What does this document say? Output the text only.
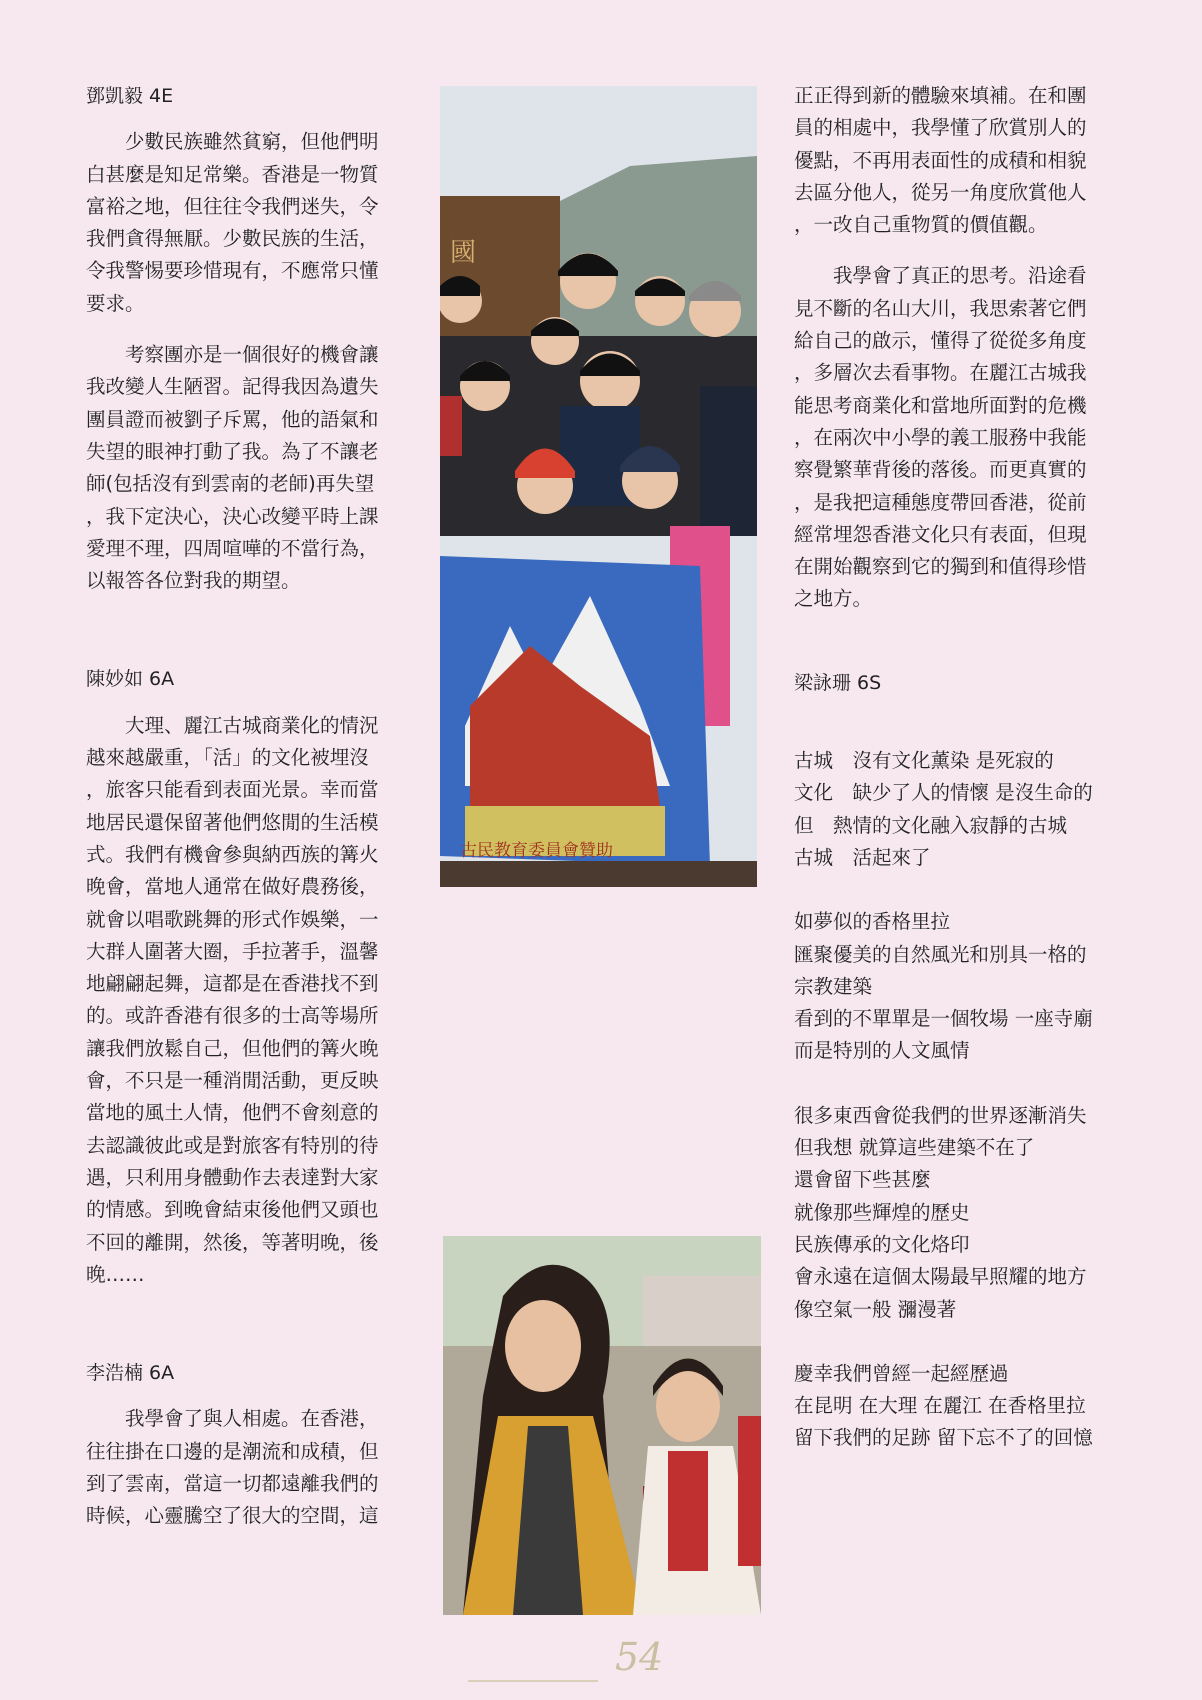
鄧凱毅 4E

少數民族雖然貧窮，但他們明
白甚麼是知足常樂。香港是一物質
富裕之地，但往往令我們迷失，令
我們貪得無厭。少數民族的生活，
令我警惕要珍惜現有，不應常只懂
要求。

考察團亦是一個很好的機會讓
我改變人生陋習。記得我因為遺失
團員證而被劉子斥罵，他的語氣和
失望的眼神打動了我。為了不讓老
師(包括沒有到雲南的老師)再失望
，我下定決心，決心改變平時上課
愛理不理，四周喧嘩的不當行為，
以報答各位對我的期望。

陳妙如 6A

大理、麗江古城商業化的情況
越來越嚴重，「活」的文化被埋沒
，旅客只能看到表面光景。幸而當
地居民還保留著他們悠閒的生活模
式。我們有機會參與納西族的篝火
晚會，當地人通常在做好農務後，
就會以唱歌跳舞的形式作娛樂，一
大群人圍著大圈，手拉著手，溫馨
地翩翩起舞，這都是在香港找不到
的。或許香港有很多的士高等場所
讓我們放鬆自己，但他們的篝火晚
會，不只是一種消閒活動，更反映
當地的風土人情，他們不會刻意的
去認識彼此或是對旅客有特別的待
遇，只利用身體動作去表達對大家
的情感。到晚會結束後他們又頭也
不回的離開，然後，等著明晚，後
晚……

李浩楠 6A

我學會了與人相處。在香港，
往往掛在口邊的是潮流和成積，但
到了雲南，當這一切都遠離我們的
時候，心靈騰空了很大的空間，這

國
古民教育委員會贊助

正正得到新的體驗來填補。在和團
員的相處中，我學懂了欣賞別人的
優點，不再用表面性的成積和相貌
去區分他人，從另一角度欣賞他人
，一改自己重物質的價值觀。

我學會了真正的思考。沿途看
見不斷的名山大川，我思索著它們
給自己的啟示，懂得了從從多角度
，多層次去看事物。在麗江古城我
能思考商業化和當地所面對的危機
，在兩次中小學的義工服務中我能
察覺繁華背後的落後。而更真實的
，是我把這種態度帶回香港，從前
經常埋怨香港文化只有表面，但現
在開始觀察到它的獨到和值得珍惜
之地方。

梁詠珊 6S

古城　沒有文化薰染 是死寂的
文化　缺少了人的情懷 是沒生命的
但　熱情的文化融入寂靜的古城
古城　活起來了

如夢似的香格里拉
匯聚優美的自然風光和別具一格的
宗教建築
看到的不單單是一個牧場 一座寺廟
而是特別的人文風情

很多東西會從我們的世界逐漸消失
但我想 就算這些建築不在了
還會留下些甚麼
就像那些輝煌的歷史
民族傳承的文化烙印
會永遠在這個太陽最早照耀的地方
像空氣一般 瀰漫著

慶幸我們曾經一起經歷過
在昆明 在大理 在麗江 在香格里拉
留下我們的足跡 留下忘不了的回憶

54
